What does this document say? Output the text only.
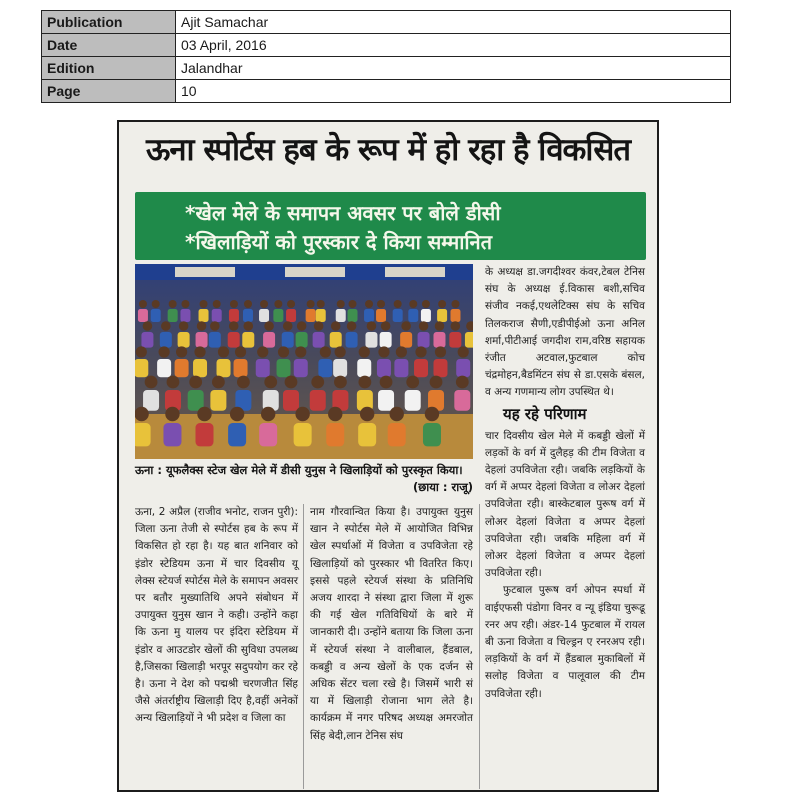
Publication	Ajit Samachar
Date	03 April, 2016
Edition	Jalandhar
Page	10
ऊना स्पोर्टस हब के रूप में हो रहा है विकसित
*खेल मेले के समापन अवसर पर बोले डीसी
*खिलाड़ियों को पुरस्कार दे किया सम्मानित
ऊना : यूफलैक्स स्टेज खेल मेले में डीसी युनुस ने खिलाड़ियों को पुरस्कृत किया।
(छाया : राजू)

ऊना, 2 अप्रैल (राजीव भनोट, राजन पुरी): जिला ऊना तेजी से स्पोर्टस हब के रूप में विकसित हो रहा है। यह बात शनिवार को इंडोर स्टेडियम ऊना में चार दिवसीय यू लेक्स स्टेयर्ज स्पोर्टस मेले के समापन अवसर पर बतौर मुख्यातिथि अपने संबोधन में उपायुक्त युनुस खान ने कही। उन्होंने कहा कि ऊना मु यालय पर इंदिरा स्टेडियम में इंडोर व आउटडोर खेलों की सुविधा उपलब्ध है,जिसका खिलाड़ी भरपूर सदुपयोग कर रहे है। ऊना ने देश को पद्मश्री चरणजीत सिंह जैसे अंतर्राष्ट्रीय खिलाड़ी दिए है,वहीं अनेकों अन्य खिलाड़ियों ने भी प्रदेश व जिला का

नाम गौरवान्वित किया है। उपायुक्त युनुस खान ने स्पोर्टस मेले में आयोजित विभिन्न खेल स्पर्धाओं में विजेता व उपविजेता रहे खिलाड़ियों को पुरस्कार भी वितरित किए। इससे पहले स्टेयर्ज संस्था के प्रतिनिधि अजय शारदा ने संस्था द्वारा जिला में शुरू की गई खेल गतिविधियों के बारे में जानकारी दी। उन्होंने बताया कि जिला ऊना में स्टेयर्ज संस्था ने वालीबाल, हैंडबाल, कबड्डी व अन्य खेलों के एक दर्जन से अधिक सेंटर चला रखे है। जिसमें भारी सं या में खिलाड़ी रोजाना भाग लेते है। कार्यक्रम में नगर परिषद अध्यक्ष अमरजोत सिंह बेदी,लान टेनिस संघ

के अध्यक्ष डा.जगदीश्वर कंवर,टेबल टेनिस संघ के अध्यक्ष ई.विकास बशी,सचिव संजीव नकई,एथलेटिक्स संघ के सचिव तिलकराज सैणी,एडीपीईओ ऊना अनिल शर्मा,पीटीआई जगदीश राम,वरिष्ठ सहायक रंजीत अटवाल,फुटबाल कोच चंद्रमोहन,बैडमिंटन संघ से डा.एसके बंसल, व अन्य गणमान्य लोग उपस्थित थे।

यह रहे परिणाम

चार दिवसीय खेल मेले में कबड्डी खेलों में लड़कों के वर्ग में दुलैहड़ की टीम विजेता व देहलां उपविजेता रही। जबकि लड़कियों के वर्ग में अप्पर देहलां विजेता व लोअर देहलां उपविजेता रही। बास्केटबाल पुरूष वर्ग में लोअर देहलां विजेता व अप्पर देहलां उपविजेता रही। जबकि महिला वर्ग में लोअर देहलां विजेता व अप्पर देहलां उपविजेता रही।

फुटबाल पुरूष वर्ग ओपन स्पर्धा में वाईएफसी पंडोगा विनर व न्यू इंडिया चुरूढू रनर अप रही। अंडर-14 फुटबाल में रायल बी ऊना विजेता व चिल्ड्रन ए रनरअप रही। लड़कियों के वर्ग में हैंडबाल मुकाबिलों में सलोह विजेता व पालूवाल की टीम उपविजेता रही।
